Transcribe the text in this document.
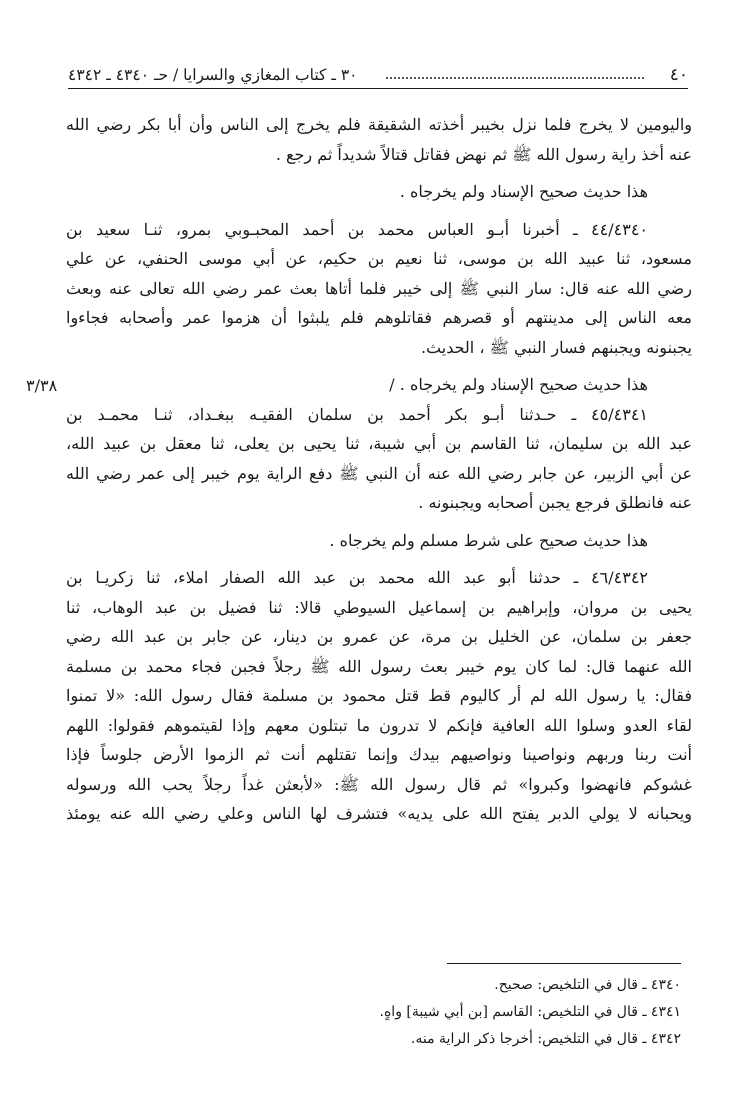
٤٠
٣٠ ـ كتاب المغازي والسرايا / حـ ٤٣٤٠ ـ ٤٣٤٢
٣/٣٨
واليومين لا يخرج فلما نزل بخيبر أخذته الشقيقة فلم يخرج إلى الناس وأن أبا بكر رضي الله
عنه أخذ راية رسول الله ﷺ ثم نهض فقاتل قتالاً شديداً ثم رجع .
هذا حديث صحيح الإسناد ولم يخرجاه .
٤٤/٤٣٤٠ ـ أخبرنا أبـو العباس محمد بن أحمد المحبـوبي بمرو، ثنـا سعيد بن
مسعود، ثنا عبيد الله بن موسى، ثنا نعيم بن حكيم، عن أبي موسى الحنفي، عن علي
رضي الله عنه قال: سار النبي ﷺ إلى خيبر فلما أتاها بعث عمر رضي الله تعالى عنه وبعث
معه الناس إلى مدينتهم أو قصرهم فقاتلوهم فلم يلبثوا أن هزموا عمر وأصحابه فجاءوا
يجبنونه ويجبنهم فسار النبي ﷺ ، الحديث.
هذا حديث صحيح الإسناد ولم يخرجاه . /
٤٥/٤٣٤١ ـ حـدثنا أبـو بكر أحمد بن سلمان الفقيـه ببغـداد، ثنـا محمـد بن
عبد الله بن سليمان، ثنا القاسم بن أبي شيبة، ثنا يحيى بن يعلى، ثنا معقل بن عبيد الله،
عن أبي الزبير، عن جابر رضي الله عنه أن النبي ﷺ دفع الراية يوم خيبر إلى عمر رضي الله
عنه فانطلق فرجع يجبن أصحابه ويجبنونه .
هذا حديث صحيح على شرط مسلم ولم يخرجاه .
٤٦/٤٣٤٢ ـ حدثنا أبو عبد الله محمد بن عبد الله الصفار املاء، ثنا زكريـا بن
يحيى بن مروان، وإبراهيم بن إسماعيل السيوطي قالا: ثنا فضيل بن عبد الوهاب، ثنا
جعفر بن سلمان، عن الخليل بن مرة، عن عمرو بن دينار، عن جابر بن عبد الله رضي
الله عنهما قال: لما كان يوم خيبر بعث رسول الله ﷺ رجلاً فجبن فجاء محمد بن مسلمة
فقال: يا رسول الله لم أر كاليوم قط قتل محمود بن مسلمة فقال رسول الله: «لا تمنوا
لقاء العدو وسلوا الله العافية فإنكم لا تدرون ما تبتلون معهم وإذا لقيتموهم فقولوا: اللهم
أنت ربنا وربهم ونواصينا ونواصيهم بيدك وإنما تقتلهم أنت ثم الزموا الأرض جلوساً فإذا
غشوكم فانهضوا وكبروا» ثم قال رسول الله ﷺ: «لأبعثن غداً رجلاً يحب الله ورسوله
ويحبانه لا يولي الدبر يفتح الله على يديه» فتشرف لها الناس وعلي رضي الله عنه يومئذ
٤٣٤٠ ـ قال في التلخيص: صحيح.
٤٣٤١ ـ قال في التلخيص: القاسم [بن أبي شيبة] واهٍ.
٤٣٤٢ ـ قال في التلخيص: أخرجا ذكر الراية منه.
